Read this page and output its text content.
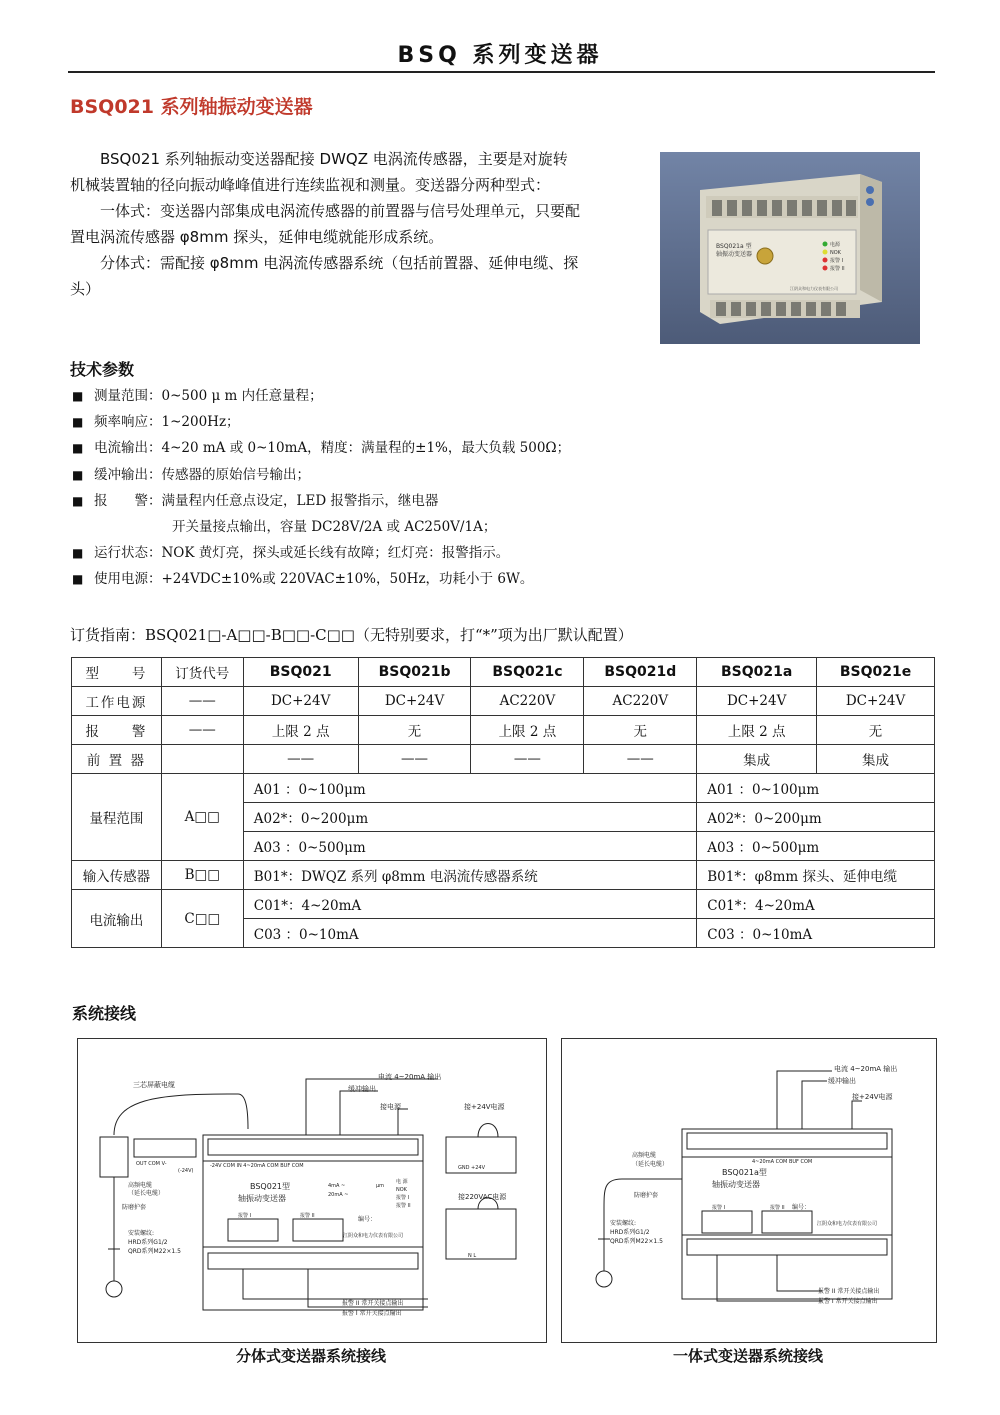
BSQ 系列变送器
BSQ021 系列轴振动变送器

BSQ021 系列轴振动变送器配接 DWQZ 电涡流传感器，主要是对旋转机械装置轴的径向振动峰峰值进行连续监视和测量。变送器分两种型式：

一体式：变送器内部集成电涡流传感器的前置器与信号处理单元，只要配置电涡流传感器 φ8mm 探头，延伸电缆就能形成系统。

分体式：需配接 φ8mm 电涡流传感器系统（包括前置器、延伸电缆、探头）

BSQ021a 型
轴振动变送器
江阴众和电力仪表有限公司
电源
NOK
报警 I
报警 II
技术参数
■ 测量范围：0~500 μ m 内任意量程；
■ 频率响应：1~200Hz；
■ 电流输出：4~20 mA 或 0~10mA，精度：满量程的±1%，最大负载 500Ω；
■ 缓冲输出：传感器的原始信号输出；
■ 报　　警：满量程内任意点设定，LED 报警指示，继电器
开关量接点输出，容量 DC28V/2A 或 AC250V/1A；
■ 运行状态：NOK 黄灯亮，探头或延长线有故障；红灯亮：报警指示。
■ 使用电源：+24VDC±10%或 220VAC±10%，50Hz，功耗小于 6W。
订货指南：BSQ021□-A□□-B□□-C□□（无特别要求，打“*”项为出厂默认配置）
型　　号	订货代号	BSQ021	BSQ021b	BSQ021c	BSQ021d	BSQ021a	BSQ021e
工作电源	——	DC+24V	DC+24V	AC220V	AC220V	DC+24V	DC+24V
报　　警	——	上限 2 点	无	上限 2 点	无	上限 2 点	无
前 置 器		——	——	——	——	集成	集成
量程范围	A□□	A01 ：0~100μm				A01 ：0~100μm	
		A02*：0~200μm				A02*：0~200μm	
		A03 ：0~500μm				A03 ：0~500μm	
输入传感器	B□□	B01*：DWQZ 系列 φ8mm 电涡流传感器系统				B01*：φ8mm 探头、延伸电缆	
电流输出	C□□	C01*：4~20mA				C01*：4~20mA	
		C03 ：0~10mA				C03 ：0~10mA	
系统接线
三芯屏蔽电缆
电流 4~20mA 输出
缓冲输出
接电源	接+24V电源
接220VAC电源
BSQ021型
轴振动变送器
江阴众和电力仪表有限公司
编号：
-24V COM IN 4~20mA COM BUF COM
OUT COM V-
(-24V)	GND +24V
N L
4mA ~
20mA ~
μm
电 源
NOK
报警 I
报警 II
报警 I	报警 II
高频电缆
（延长电缆）
防磨护套
安装螺纹:
HRD系列G1/2
QRD系列M22×1.5
报警 II 常开关接点输出
报警 I 常开关接点输出
分体式变送器系统接线
电流 4~20mA 输出
缓冲输出
接+24V电源
BSQ021a型
轴振动变送器
江阴众和电力仪表有限公司
编号：
4~20mA COM BUF COM
报警 I	报警 II
高频电缆
（延长电缆）
防磨护套
安装螺纹:
HRD系列G1/2
QRD系列M22×1.5
报警 II 常开关接点输出
报警 I 常开关接点输出
一体式变送器系统接线
